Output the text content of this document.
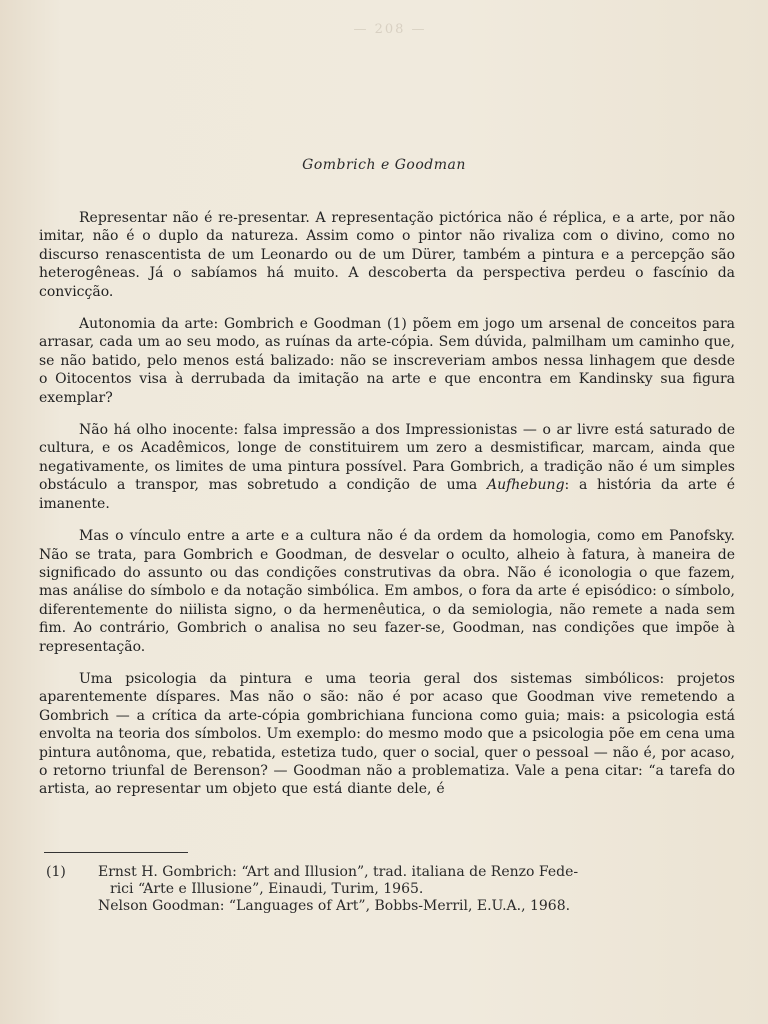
— 208 —
Gombrich e Goodman

Representar não é re-presentar. A representação pictórica não é réplica, e a arte, por não imitar, não é o duplo da natureza. Assim como o pintor não rivaliza com o divino, como no discurso renascentista de um Leonardo ou de um Dürer, também a pintura e a percepção são heterogêneas. Já o sabíamos há muito. A descoberta da perspectiva perdeu o fascínio da convicção.

Autonomia da arte: Gombrich e Goodman (1) põem em jogo um arsenal de conceitos para arrasar, cada um ao seu modo, as ruínas da arte-cópia. Sem dúvida, palmilham um caminho que, se não batido, pelo menos está balizado: não se inscreveriam ambos nessa linhagem que desde o Oitocentos visa à derrubada da imitação na arte e que encontra em Kandinsky sua figura exemplar?

Não há olho inocente: falsa impressão a dos Impressionistas — o ar livre está saturado de cultura, e os Acadêmicos, longe de constituirem um zero a desmistificar, marcam, ainda que negativamente, os limites de uma pintura possível. Para Gombrich, a tradição não é um simples obstáculo a transpor, mas sobretudo a condição de uma Aufhebung: a história da arte é imanente.

Mas o vínculo entre a arte e a cultura não é da ordem da homologia, como em Panofsky. Não se trata, para Gombrich e Goodman, de desvelar o oculto, alheio à fatura, à maneira de significado do assunto ou das condições construtivas da obra. Não é iconologia o que fazem, mas análise do símbolo e da notação simbólica. Em ambos, o fora da arte é episódico: o símbolo, diferentemente do niilista signo, o da hermenêutica, o da semiologia, não remete a nada sem fim. Ao contrário, Gombrich o analisa no seu fazer-se, Goodman, nas condições que impõe à representação.

Uma psicologia da pintura e uma teoria geral dos sistemas simbólicos: projetos aparentemente díspares. Mas não o são: não é por acaso que Goodman vive remetendo a Gombrich — a crítica da arte-cópia gombrichiana funciona como guia; mais: a psicologia está envolta na teoria dos símbolos. Um exemplo: do mesmo modo que a psicologia põe em cena uma pintura autônoma, que, rebatida, estetiza tudo, quer o social, quer o pessoal — não é, por acaso, o retorno triunfal de Berenson? — Goodman não a problematiza. Vale a pena citar: “a tarefa do artista, ao representar um objeto que está diante dele, é

(1) Ernst H. Gombrich: “Art and Illusion”, trad. italiana de Renzo Fede-
rici “Arte e Illusione”, Einaudi, Turim, 1965.
Nelson Goodman: “Languages of Art”, Bobbs-Merril, E.U.A., 1968.
